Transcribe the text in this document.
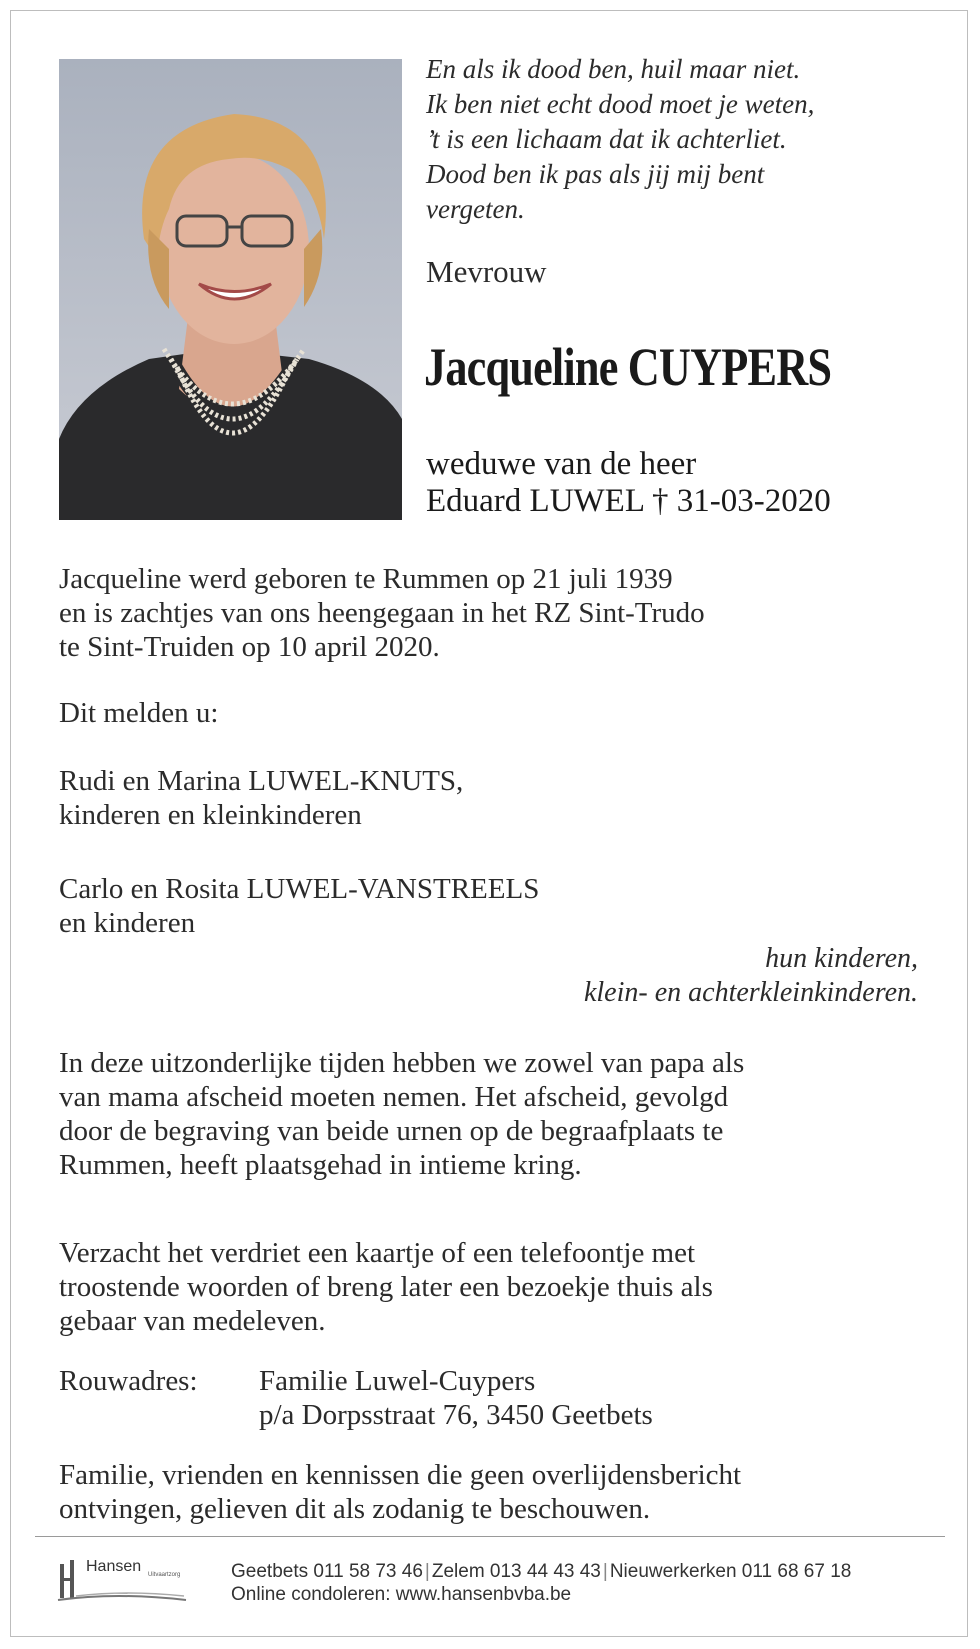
En als ik dood ben, huil maar niet.
Ik ben niet echt dood moet je weten,
’t is een lichaam dat ik achterliet.
Dood ben ik pas als jij mij bent
vergeten.
Mevrouw
Jacqueline CUYPERS
weduwe van de heer
Eduard LUWEL † 31-03-2020
Jacqueline werd geboren te Rummen op 21 juli 1939
en is zachtjes van ons heengegaan in het RZ Sint-Trudo
te Sint-Truiden op 10 april 2020.
Dit melden u:
Rudi en Marina LUWEL-KNUTS,
kinderen en kleinkinderen
Carlo en Rosita LUWEL-VANSTREELS
en kinderen
hun kinderen,
klein- en achterkleinkinderen.
In deze uitzonderlijke tijden hebben we zowel van papa als
van mama afscheid moeten nemen. Het afscheid, gevolgd
door de begraving van beide urnen op de begraafplaats te
Rummen, heeft plaatsgehad in intieme kring.
Verzacht het verdriet een kaartje of een telefoontje met
troostende woorden of breng later een bezoekje thuis als
gebaar van medeleven.
Rouwadres: Familie Luwel-Cuypers
p/a Dorpsstraat 76, 3450 Geetbets
Familie, vrienden en kennissen die geen overlijdensbericht
ontvingen, gelieven dit als zodanig te beschouwen.
Hansen Uitvaartzorg	Geetbets 011 58 73 46 | Zelem 013 44 43 43 | Nieuwerkerken 011 68 67 18
Online condoleren: www.hansenbvba.be
